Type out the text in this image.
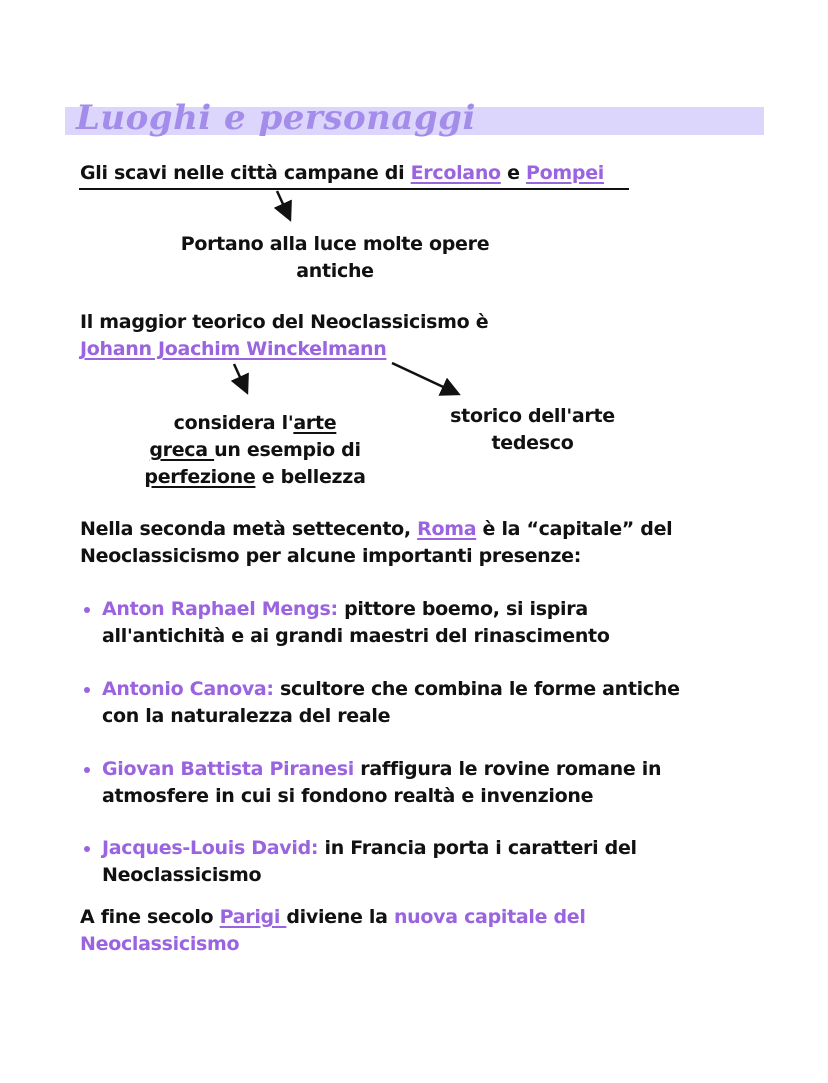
Luoghi e personaggi
Gli scavi nelle città campane di Ercolano e Pompei
Portano alla luce molte opere
antiche
Il maggior teorico del Neoclassicismo è
Johann Joachim Winckelmann
considera l'arte
greca un esempio di
perfezione e bellezza
storico dell'arte
tedesco
Nella seconda metà settecento, Roma è la “capitale” del
Neoclassicismo per alcune importanti presenze:
Anton Raphael Mengs: pittore boemo, si ispira
all'antichità e ai grandi maestri del rinascimento
Antonio Canova: scultore che combina le forme antiche
con la naturalezza del reale
Giovan Battista Piranesi raffigura le rovine romane in
atmosfere in cui si fondono realtà e invenzione
Jacques-Louis David: in Francia porta i caratteri del
Neoclassicismo
A fine secolo Parigi diviene la nuova capitale del
Neoclassicismo
